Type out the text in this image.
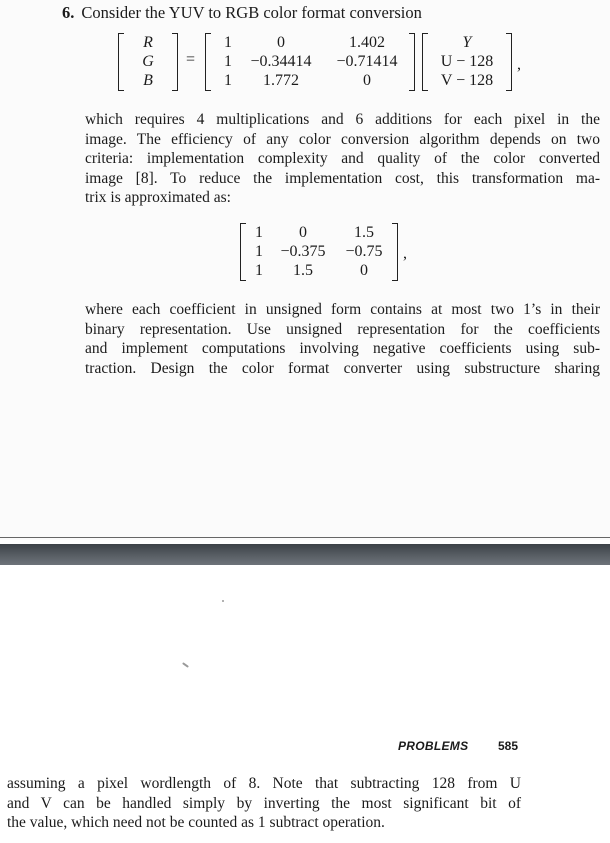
6. Consider the YUV to RGB color format conversion
R
G
B
=
1	0	1.402
1	−0.34414	−0.71414
1	1.772	0
Y
U − 128
V − 128
,
which requires 4 multiplications and 6 additions for each pixel in the
image. The efficiency of any color conversion algorithm depends on two
criteria: implementation complexity and quality of the color converted
image [8]. To reduce the implementation cost, this transformation ma-
trix is approximated as:
1	0	1.5
1	−0.375	−0.75
1	1.5	0
,
where each coefficient in unsigned form contains at most two 1’s in their
binary representation. Use unsigned representation for the coefficients
and implement computations involving negative coefficients using sub-
traction. Design the color format converter using substructure sharing
PROBLEMS 585
assuming a pixel wordlength of 8. Note that subtracting 128 from U
and V can be handled simply by inverting the most significant bit of
the value, which need not be counted as 1 subtract operation.
